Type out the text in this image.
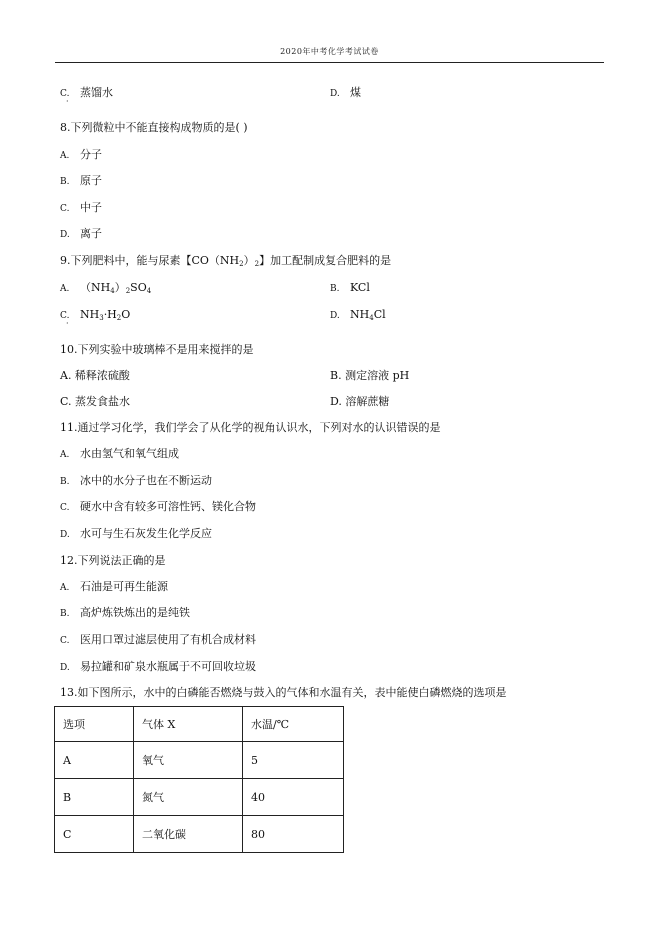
2020年中考化学考试试卷
C. 蒸馏水
·
D. 煤
8.下列微粒中不能直接构成物质的是( )
A. 分子
B. 原子
C. 中子
D. 离子
9.下列肥料中，能与尿素【$CO(NH_2)_2$】加工配制成复合肥料的是
A. $(NH_4)_2SO_4$	B. KCl
C. $NH_3\cdot H_2O$
·
D. $NH_4Cl$
10.下列实验中玻璃棒不是用来搅拌的是
A. 稀释浓硫酸	B. 测定溶液 pH
C. 蒸发食盐水	D. 溶解蔗糖
11.通过学习化学，我们学会了从化学的视角认识水，下列对水的认识错误的是
A. 水由氢气和氧气组成
B. 冰中的水分子也在不断运动
C. 硬水中含有较多可溶性钙、镁化合物
D. 水可与生石灰发生化学反应
12.下列说法正确的是
A. 石油是可再生能源
B. 高炉炼铁炼出的是纯铁
C. 医用口罩过滤层使用了有机合成材料
D. 易拉罐和矿泉水瓶属于不可回收垃圾
13.如下图所示，水中的白磷能否燃烧与鼓入的气体和水温有关，表中能使白磷燃烧的选项是
选项	气体 X	水温/℃
A	氧气	5
B	氮气	40
C	二氧化碳	80
